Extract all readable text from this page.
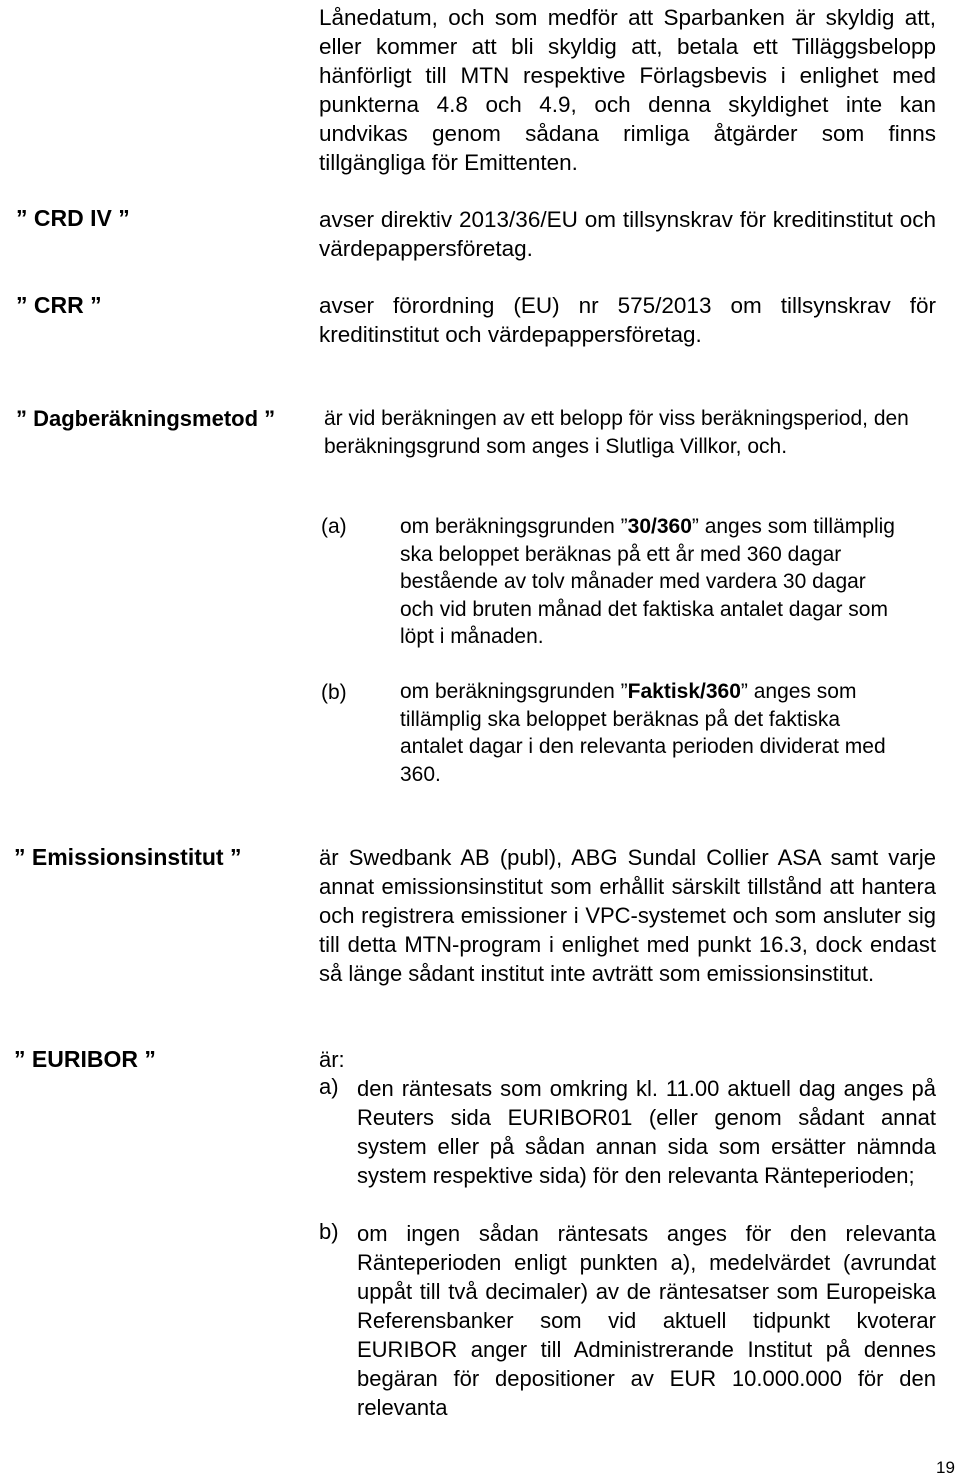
Lånedatum, och som medför att Sparbanken är skyldig att, eller kommer att bli skyldig att, betala ett Tilläggsbelopp hänförligt till MTN respektive Förlagsbevis i enlighet med punkterna 4.8 och 4.9, och denna skyldighet inte kan undvikas genom sådana rimliga åtgärder som finns tillgängliga för Emittenten.

” CRD IV ”	avser direktiv 2013/36/EU om tillsynskrav för kreditinstitut och värdepappersföretag.

” CRR ”	avser förordning (EU) nr 575/2013 om tillsynskrav för kreditinstitut och värdepappersföretag.

” Dagberäkningsmetod ” är vid beräkningen av ett belopp för viss beräkningsperiod, den beräkningsgrund som anges i Slutliga Villkor, och.

(a)	om beräkningsgrunden ”30/360” anges som tillämplig ska beloppet beräknas på ett år med 360 dagar bestående av tolv månader med vardera 30 dagar och vid bruten månad det faktiska antalet dagar som löpt i månaden.

(b)	om beräkningsgrunden ”Faktisk/360” anges som tillämplig ska beloppet beräknas på det faktiska antalet dagar i den relevanta perioden dividerat med 360.

” Emissionsinstitut ”	är Swedbank AB (publ), ABG Sundal Collier ASA samt varje annat emissionsinstitut som erhållit särskilt tillstånd att hantera och registrera emissioner i VPC-systemet och som ansluter sig till detta MTN-program i enlighet med punkt 16.3, dock endast så länge sådant institut inte avträtt som emissionsinstitut.

” EURIBOR ”	är:

a) den räntesats som omkring kl. 11.00 aktuell dag anges på Reuters sida EURIBOR01 (eller genom sådant annat system eller på sådan annan sida som ersätter nämnda system respektive sida) för den relevanta Ränteperioden;

b) om ingen sådan räntesats anges för den relevanta Ränteperioden enligt punkten a), medelvärdet (avrundat uppåt till två decimaler) av de räntesatser som Europeiska Referensbanker som vid aktuell tidpunkt kvoterar EURIBOR anger till Administrerande Institut på dennes begäran för depositioner av EUR 10.000.000 för den relevanta

19
